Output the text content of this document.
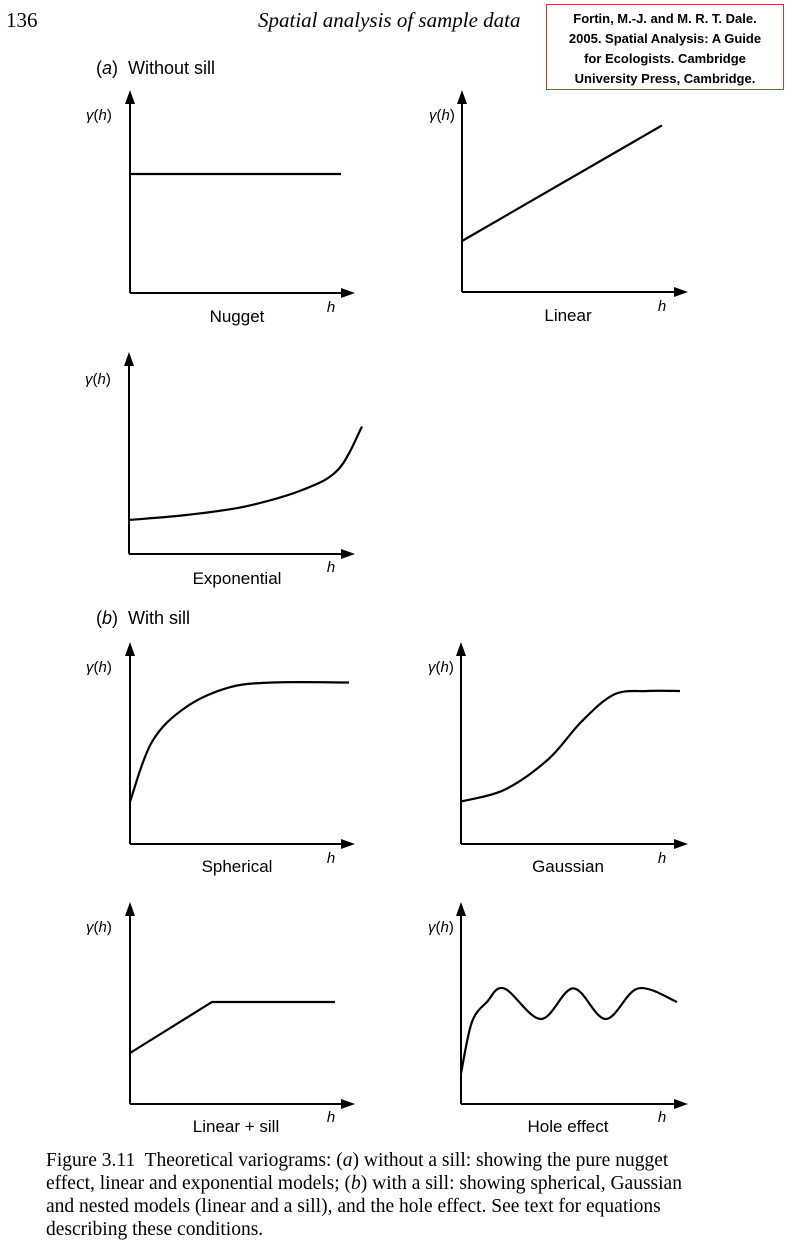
136	Spatial analysis of sample data	Fortin, M.-J. and M. R. T. Dale.
2005. Spatial Analysis: A Guide
for Ecologists. Cambridge
University Press, Cambridge.
(a)  Without sill
(b)  With sill
γ(h)
h
Nugget
γ(h)
h
Linear
γ(h)
h
Exponential
γ(h)
h
Spherical
γ(h)
h
Gaussian
γ(h)
h
Linear + sill
γ(h)
h
Hole effect
Figure 3.11 Theoretical variograms: (a) without a sill: showing the pure nugget
effect, linear and exponential models; (b) with a sill: showing spherical, Gaussian
and nested models (linear and a sill), and the hole effect. See text for equations
describing these conditions.
